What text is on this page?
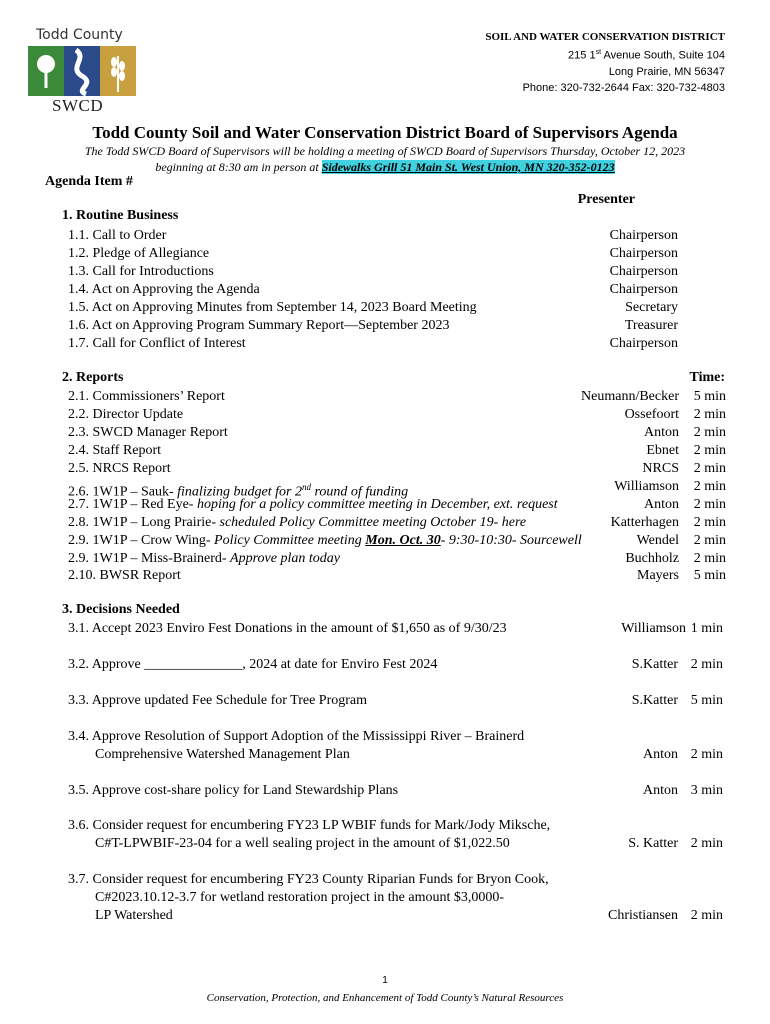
Todd County
SWCD
SOIL AND WATER CONSERVATION DISTRICT
215 1st Avenue South, Suite 104
Long Prairie, MN 56347
Phone: 320-732-2644 Fax: 320-732-4803
Todd County Soil and Water Conservation District Board of Supervisors Agenda
The Todd SWCD Board of Supervisors will be holding a meeting of SWCD Board of Supervisors Thursday, October 12, 2023
beginning at 8:30 am in person at Sidewalks Grill 51 Main St. West Union, MN 320-352-0123
Agenda Item #
Presenter
1. Routine Business
1.1. Call to Order	Chairperson
1.2. Pledge of Allegiance	Chairperson
1.3. Call for Introductions	Chairperson
1.4. Act on Approving the Agenda	Chairperson
1.5. Act on Approving Minutes from September 14, 2023 Board Meeting	Secretary
1.6. Act on Approving Program Summary Report—September 2023	Treasurer
1.7. Call for Conflict of Interest	Chairperson
2. Reports	Time:
2.1. Commissioners’ Report	Neumann/Becker 5 min
2.2. Director Update	Ossefoort 2 min
2.3. SWCD Manager Report	Anton 2 min
2.4. Staff Report	Ebnet 2 min
2.5. NRCS Report	NRCS 2 min
2.6. 1W1P – Sauk- finalizing budget for 2nd round of funding	Williamson 2 min
2.7. 1W1P – Red Eye- hoping for a policy committee meeting in December, ext. request	Anton 2 min
2.8. 1W1P – Long Prairie- scheduled Policy Committee meeting October 19- here	Katterhagen 2 min
2.9. 1W1P – Crow Wing- Policy Committee meeting Mon. Oct. 30- 9:30-10:30- Sourcewell	Wendel 2 min
2.9. 1W1P – Miss-Brainerd- Approve plan today	Buchholz 2 min
2.10. BWSR Report	Mayers 5 min
3. Decisions Needed
3.1. Accept 2023 Enviro Fest Donations in the amount of $1,650 as of 9/30/23	Williamson 1 min
3.2. Approve ______________, 2024 at date for Enviro Fest 2024	S.Katter 2 min
3.3. Approve updated Fee Schedule for Tree Program	S.Katter 5 min
3.4. Approve Resolution of Support Adoption of the Mississippi River – Brainerd
Comprehensive Watershed Management Plan	Anton 2 min
3.5. Approve cost-share policy for Land Stewardship Plans	Anton 3 min
3.6. Consider request for encumbering FY23 LP WBIF funds for Mark/Jody Miksche,
C#T-LPWBIF-23-04 for a well sealing project in the amount of $1,022.50	S. Katter 2 min
3.7. Consider request for encumbering FY23 County Riparian Funds for Bryon Cook,
C#2023.10.12-3.7 for wetland restoration project in the amount $3,0000-
LP Watershed	Christiansen 2 min
1
Conservation, Protection, and Enhancement of Todd County’s Natural Resources
